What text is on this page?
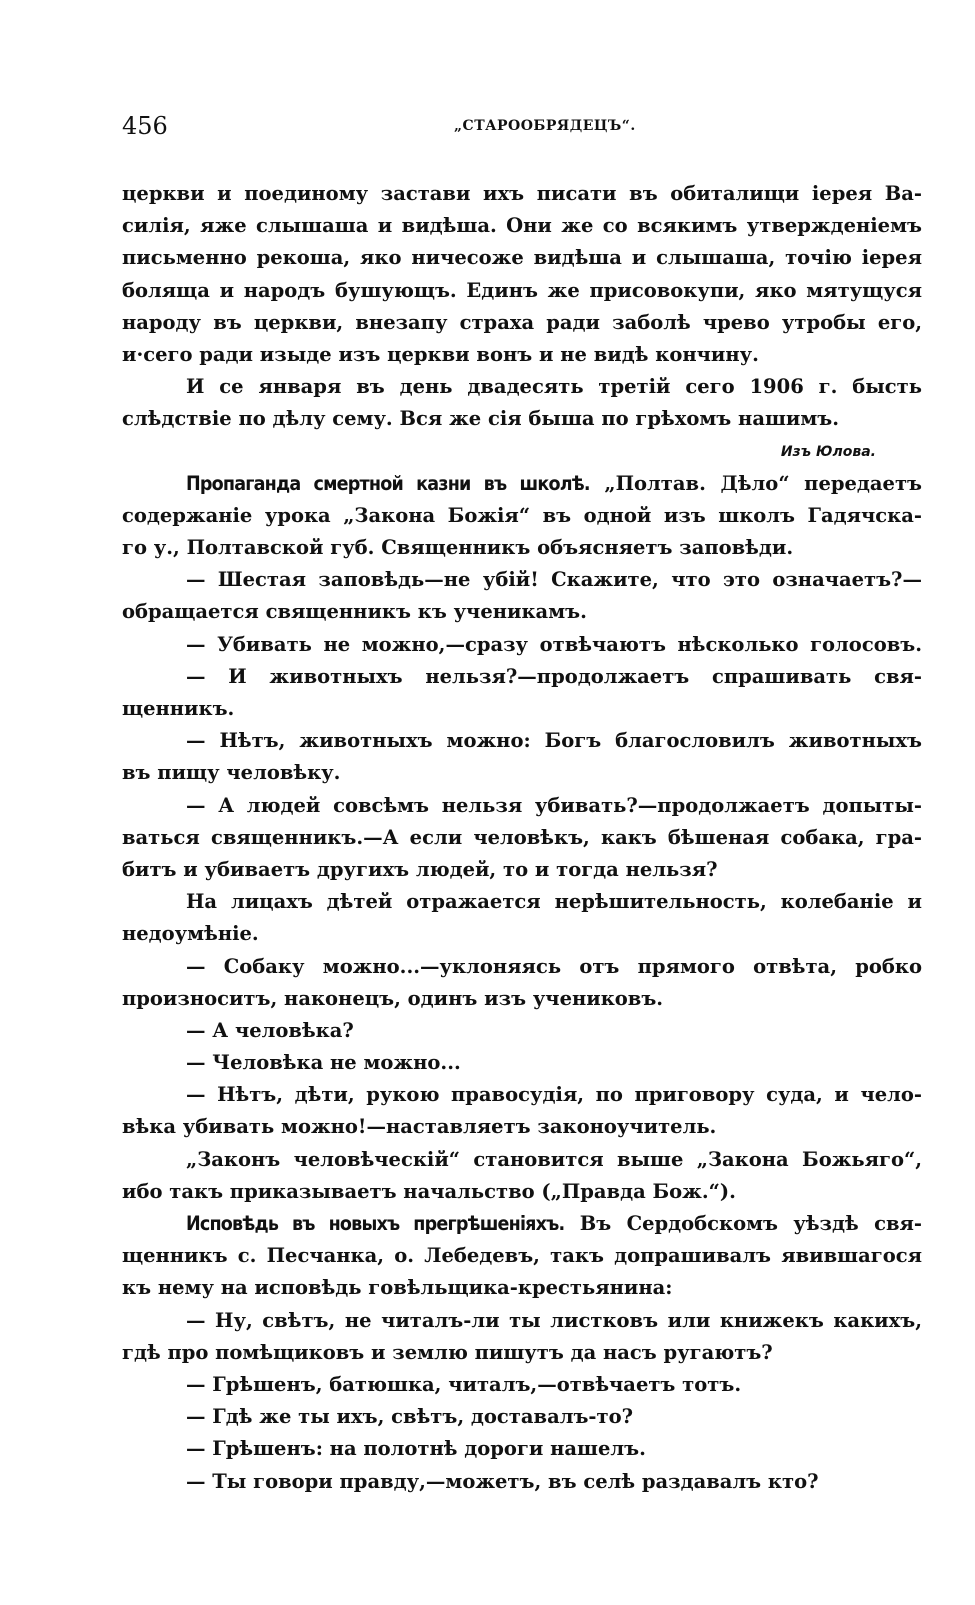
456	„СТАРООБРЯДЕЦЪ“.
церкви и поединому застави ихъ писати въ обиталищи іерея Ва-
силія, яже слышаша и видѣша. Они же со всякимъ утвержденіемъ
письменно рекоша, яко ничесоже видѣша и слышаша, точію іерея
болящa и народъ бушующъ. Единъ же присовокупи, яко мятущуся
народу въ церкви, внезапу страха ради заболѣ чрево утробы его,
и·сего ради изыде изъ церкви вонъ и не видѣ кончину.
И се января въ день двадесять третій сего 1906 г. бысть
слѣдствіе по дѣлу сему. Вся же сія быша по грѣхомъ нашимъ.
Изъ Юлова.
Пропаганда смертной казни въ школѣ. „Полтав. Дѣло“ передаетъ
содержаніе урока „Закона Божія“ въ одной изъ школъ Гадячска-
го у., Полтавской губ. Священникъ объясняетъ заповѣди.
— Шестая заповѣдь—не убій! Скажите, что это означаетъ?—
обращается священникъ къ ученикамъ.
— Убивать не можно,—сразу отвѣчаютъ нѣсколько голосовъ.
— И животныхъ нельзя?—продолжаетъ спрашивать свя-
щенникъ.
— Нѣтъ, животныхъ можно: Богъ благословилъ животныхъ
въ пищу человѣку.
— А людей совсѣмъ нельзя убивать?—продолжаетъ допыты-
ваться священникъ.—А если человѣкъ, какъ бѣшеная собака, гра-
битъ и убиваетъ другихъ людей, то и тогда нельзя?
На лицахъ дѣтей отражается нерѣшительность, колебаніе и
недоумѣніе.
— Собаку можно...—уклоняясь отъ прямого отвѣта, робко
произноситъ, наконецъ, одинъ изъ учениковъ.
— А человѣка?
— Человѣка не можно...
— Нѣтъ, дѣти, рукою правосудія, по приговору суда, и чело-
вѣка убивать можно!—наставляетъ законоучитель.
„Законъ человѣческій“ становится выше „Закона Божьяго“,
ибо такъ приказываетъ начальство („Правда Бож.“).
Исповѣдь въ новыхъ прегрѣшеніяхъ. Въ Сердобскомъ уѣздѣ свя-
щенникъ с. Песчанка, о. Лебедевъ, такъ допрашивалъ явившагося
къ нему на исповѣдь говѣльщика-крестьянина:
— Ну, свѣтъ, не читалъ-ли ты листковъ или книжекъ какихъ,
гдѣ про помѣщиковъ и землю пишутъ да насъ ругаютъ?
— Грѣшенъ, батюшка, читалъ,—отвѣчаетъ тотъ.
— Гдѣ же ты ихъ, свѣтъ, доставалъ-то?
— Грѣшенъ: на полотнѣ дороги нашелъ.
— Ты говори правду,—можетъ, въ селѣ раздавалъ кто?
